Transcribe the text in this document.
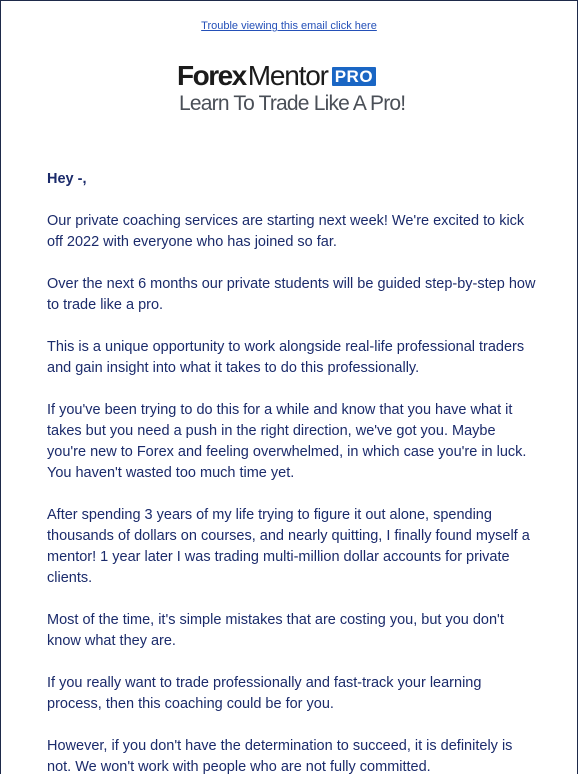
Trouble viewing this email click here
Forex Mentor PRO
Learn To Trade Like A Pro!
Hey -,

Our private coaching services are starting next week! We're excited to kick off 2022 with everyone who has joined so far.

Over the next 6 months our private students will be guided step-by-step how to trade like a pro.

This is a unique opportunity to work alongside real-life professional traders and gain insight into what it takes to do this professionally.

If you've been trying to do this for a while and know that you have what it takes but you need a push in the right direction, we've got you. Maybe you're new to Forex and feeling overwhelmed, in which case you're in luck. You haven't wasted too much time yet.

After spending 3 years of my life trying to figure it out alone, spending thousands of dollars on courses, and nearly quitting, I finally found myself a mentor! 1 year later I was trading multi-million dollar accounts for private clients.

Most of the time, it's simple mistakes that are costing you, but you don't know what they are.

If you really want to trade professionally and fast-track your learning process, then this coaching could be for you.

However, if you don't have the determination to succeed, it is definitely is not. We won't work with people who are not fully committed.
